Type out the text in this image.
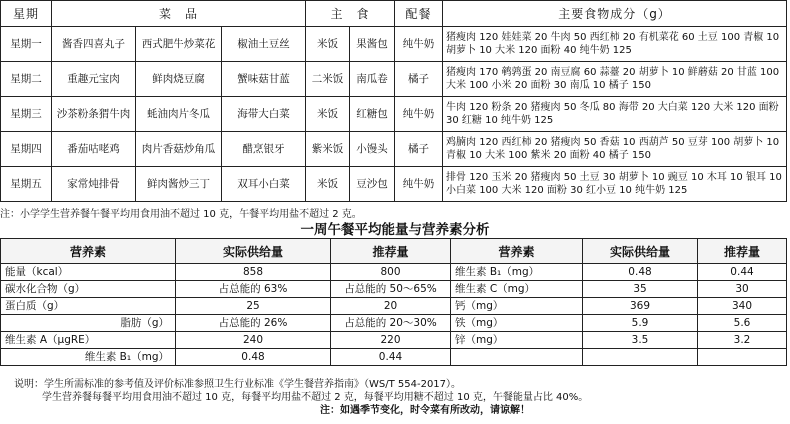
星期	菜　品			主　食		配餐	主要食物成分（g）
星期一	酱香四喜丸子	西式肥牛炒菜花	椒油土豆丝	米饭	果酱包	纯牛奶	猪瘦肉 120 娃娃菜 20 牛肉 50 西红柿 20 有机菜花 60 土豆 100 青椒 10 胡萝卜 10 大米 120 面粉 40 纯牛奶 125
星期二	重趣元宝肉	鲜肉烧豆腐	蟹味菇甘蓝	二米饭	南瓜卷	橘子	猪瘦肉 170 鹌鹑蛋 20 南豆腐 60 蒜薹 20 胡萝卜 10 鲜蘑菇 20 甘蓝 100 大米 100 小米 20 面粉 30 南瓜 10 橘子 150
星期三	沙茶粉条猬牛肉	蚝油肉片冬瓜	海带大白菜	米饭	红糖包	纯牛奶	牛肉 120 粉条 20 猪瘦肉 50 冬瓜 80 海带 20 大白菜 120 大米 120 面粉 30 红糖 10 纯牛奶 125
星期四	番茄咕咾鸡	肉片香菇炒角瓜	醋烹银牙	紫米饭	小馒头	橘子	鸡腩肉 120 西红柿 20 猪瘦肉 50 香菇 10 西葫芦 50 豆芽 100 胡萝卜 10 青椒 10 大米 100 紫米 20 面粉 40 橘子 150
星期五	家常炖排骨	鲜肉酱炒三丁	双耳小白菜	米饭	豆沙包	纯牛奶	排骨 120 玉米 20 猪瘦肉 50 土豆 30 胡萝卜 10 豌豆 10 木耳 10 银耳 10 小白菜 100 大米 120 面粉 30 红小豆 10 纯牛奶 125
注：小学学生营养餐午餐平均用食用油不超过 10 克，午餐平均用盐不超过 2 克。
一周午餐平均能量与营养素分析
营养素	实际供给量	推荐量	营养素	实际供给量	推荐量
能量（kcal）	858	800	维生素 B₁（mg）	0.48	0.44
碳水化合物（g）	占总能的 63%	占总能的 50～65%	维生素 C（mg）	35	30
蛋白质（g）	25	20	钙（mg）	369	340
脂肪（g）	占总能的 26%	占总能的 20～30%	铁（mg）	5.9	5.6
维生素 A（μgRE）	240	220	锌（mg）	3.5	3.2
维生素 B₁（mg）	0.48	0.44			
说明：学生所需标准的参考值及评价标准参照卫生行业标准《学生餐营养指南》（WS/T 554-2017）。
学生营养餐每餐平均用食用油不超过 10 克，每餐平均用盐不超过 2 克，每餐平均用糖不超过 10 克，午餐能量占比 40%。
注：如遇季节变化，时令菜有所改动，请谅解！
